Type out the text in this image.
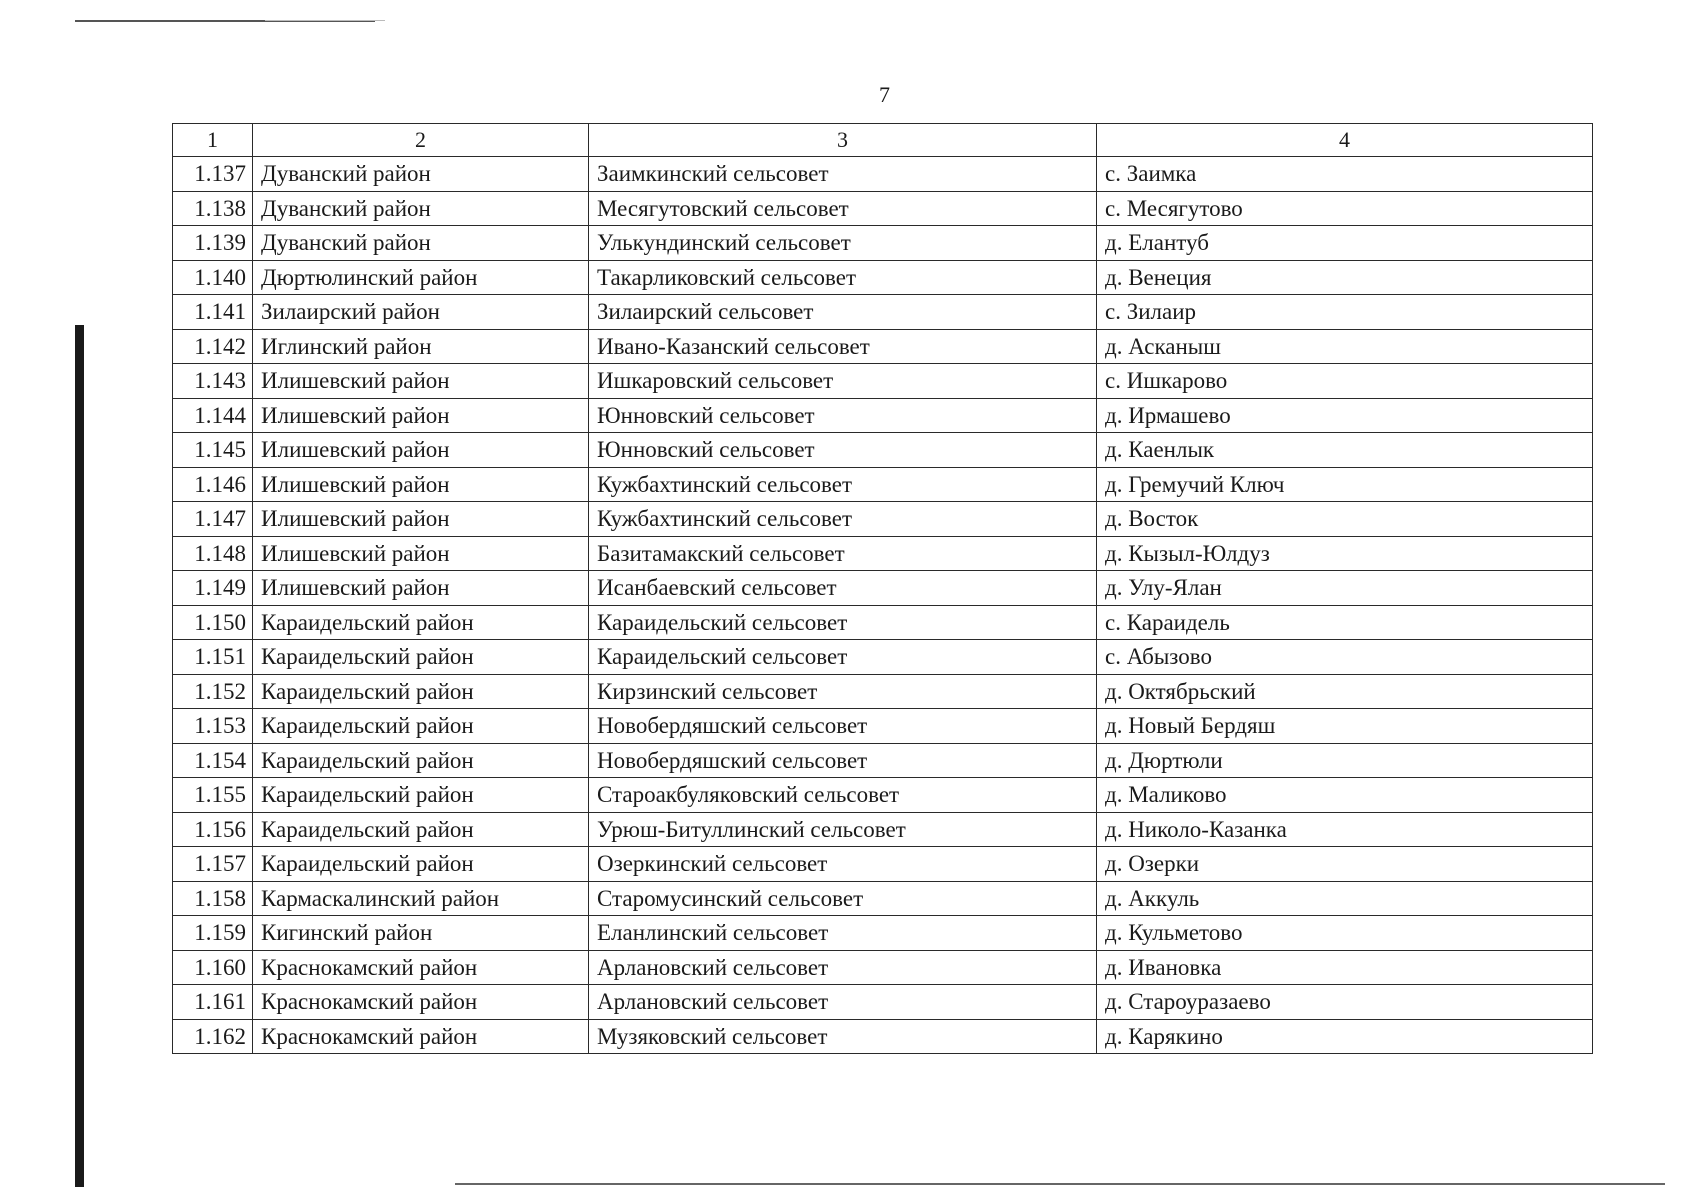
7
1	2	3	4
1.137	Дуванский район	Заимкинский сельсовет	с. Заимка
1.138	Дуванский район	Месягутовский сельсовет	с. Месягутово
1.139	Дуванский район	Улькундинский сельсовет	д. Елантуб
1.140	Дюртюлинский район	Такарликовский сельсовет	д. Венеция
1.141	Зилаирский район	Зилаирский сельсовет	с. Зилаир
1.142	Иглинский район	Ивано-Казанский сельсовет	д. Асканыш
1.143	Илишевский район	Ишкаровский сельсовет	с. Ишкарово
1.144	Илишевский район	Юнновский сельсовет	д. Ирмашево
1.145	Илишевский район	Юнновский сельсовет	д. Каенлык
1.146	Илишевский район	Кужбахтинский сельсовет	д. Гремучий Ключ
1.147	Илишевский район	Кужбахтинский сельсовет	д. Восток
1.148	Илишевский район	Базитамакский сельсовет	д. Кызыл-Юлдуз
1.149	Илишевский район	Исанбаевский сельсовет	д. Улу-Ялан
1.150	Караидельский район	Караидельский сельсовет	с. Караидель
1.151	Караидельский район	Караидельский сельсовет	с. Абызово
1.152	Караидельский район	Кирзинский сельсовет	д. Октябрьский
1.153	Караидельский район	Новобердяшский сельсовет	д. Новый Бердяш
1.154	Караидельский район	Новобердяшский сельсовет	д. Дюртюли
1.155	Караидельский район	Староакбуляковский сельсовет	д. Маликово
1.156	Караидельский район	Урюш-Битуллинский сельсовет	д. Николо-Казанка
1.157	Караидельский район	Озеркинский сельсовет	д. Озерки
1.158	Кармаскалинский район	Старомусинский сельсовет	д. Аккуль
1.159	Кигинский район	Еланлинский сельсовет	д. Кульметово
1.160	Краснокамский район	Арлановский сельсовет	д. Ивановка
1.161	Краснокамский район	Арлановский сельсовет	д. Староуразаево
1.162	Краснокамский район	Музяковский сельсовет	д. Карякино
